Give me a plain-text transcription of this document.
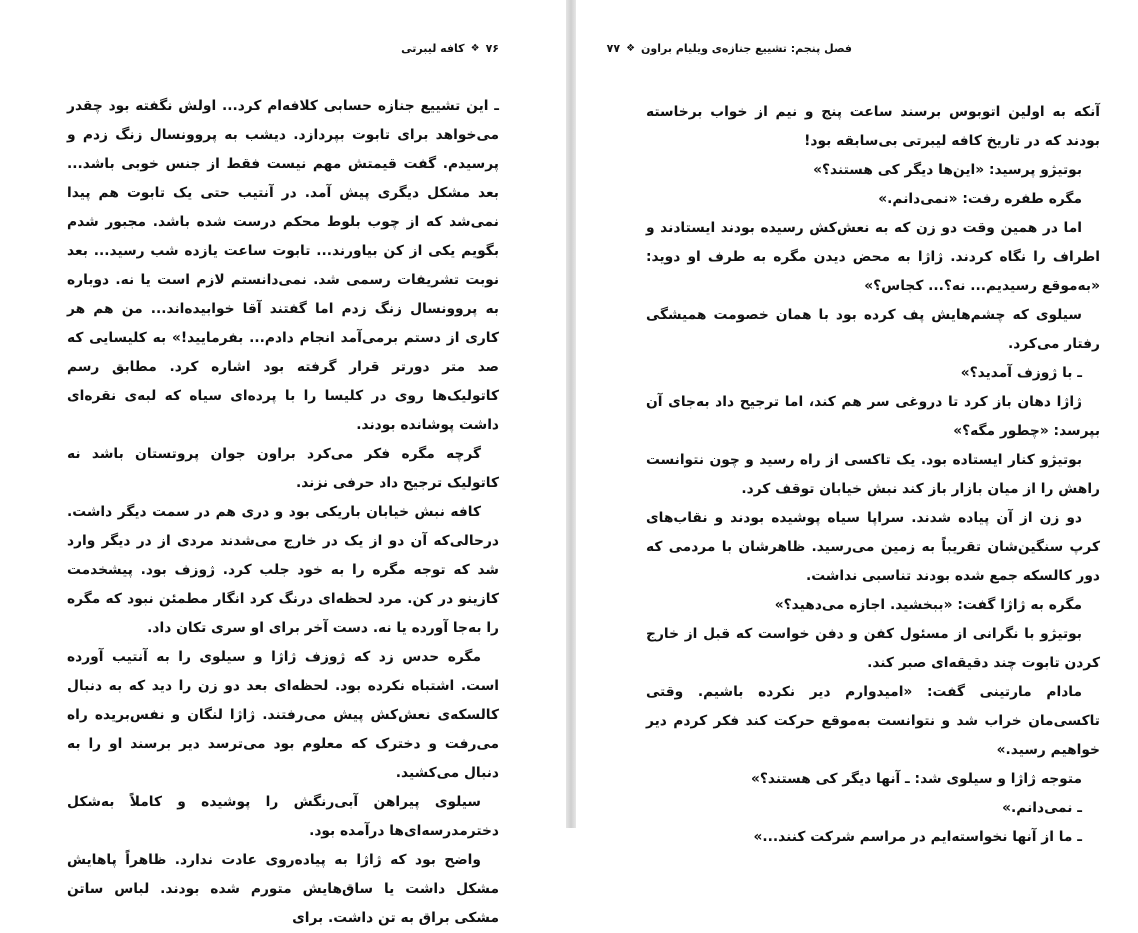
۷۶
❖
کافه لیبرتی

ـ این تشییع جنازه حسابی کلافه‌ام کرد... اولش نگفته بود چقدر می‌خواهد برای تابوت بپردازد. دیشب به پروونسال زنگ زدم و پرسیدم. گفت قیمتش مهم نیست فقط از جنس خوبی باشد... بعد مشکل دیگری پیش آمد. در آنتیب حتی یک تابوت هم پیدا نمی‌شد که از چوب بلوط محکم درست شده باشد. مجبور شدم بگویم یکی از کن بیاورند... تابوت ساعت یازده شب رسید... بعد نوبت تشریفات رسمی شد. نمی‌دانستم لازم است یا نه. دوباره به پروونسال زنگ زدم اما گفتند آقا خوابیده‌اند... من هم هر کاری از دستم برمی‌آمد انجام دادم... بفرمایید!» به کلیسایی که صد متر دورتر قرار گرفته بود اشاره کرد. مطابق رسم کاتولیک‌ها روی در کلیسا را با پرده‌ای سیاه که لبه‌ی نقره‌ای داشت پوشانده بودند.

گرچه مگره فکر می‌کرد براون جوان پروتستان باشد نه کاتولیک ترجیح داد حرفی نزند.

کافه نبش خیابان باریکی بود و دری هم در سمت دیگر داشت. درحالی‌که آن دو از یک در خارج می‌شدند مردی از در دیگر وارد شد که توجه مگره را به خود جلب کرد. ژوزف بود. پیشخدمت کازینو در کن. مرد لحظه‌ای درنگ کرد انگار مطمئن نبود که مگره را به‌جا آورده یا نه. دست آخر برای او سری تکان داد.

مگره حدس زد که ژوزف ژاژا و سیلوی را به آنتیب آورده است. اشتباه نکرده بود. لحظه‌ای بعد دو زن را دید که به دنبال کالسکه‌ی نعش‌کش پیش می‌رفتند. ژاژا لنگان و نفس‌بریده راه می‌رفت و دخترک که معلوم بود می‌ترسد دیر برسند او را به دنبال می‌کشید.

سیلوی پیراهن آبی‌رنگش را پوشیده و کاملاً به‌شکل دخترمدرسه‌ای‌ها درآمده بود.

واضح بود که ژاژا به پیاده‌روی عادت ندارد. ظاهراً پاهایش مشکل داشت یا ساق‌هایش متورم شده بودند. لباس ساتن مشکی براق به تن داشت. برای

فصل پنجم: تشییع جنازه‌ی ویلیام براون
❖
۷۷

آنکه به اولین اتوبوس برسند ساعت پنج و نیم از خواب برخاسته بودند که در تاریخ کافه لیبرتی بی‌سابقه بود!

بوتیژو پرسید: «این‌ها دیگر کی هستند؟»

مگره طفره رفت: «نمی‌دانم.»

اما در همین وقت دو زن که به نعش‌کش رسیده بودند ایستادند و اطراف را نگاه کردند. ژاژا به محض دیدن مگره به طرف او دوید: «به‌موقع رسیدیم... نه؟... کجاس؟»

سیلوی که چشم‌هایش پف کرده بود با همان خصومت همیشگی رفتار می‌کرد.

ـ با ژوزف آمدید؟»

ژاژا دهان باز کرد تا دروغی سر هم کند، اما ترجیح داد به‌جای آن بپرسد: «چطور مگه؟»

بوتیژو کنار ایستاده بود. یک تاکسی از راه رسید و چون نتوانست راهش را از میان بازار باز کند نبش خیابان توقف کرد.

دو زن از آن پیاده شدند. سراپا سیاه پوشیده بودند و نقاب‌های کرپ سنگین‌شان تقریباً به زمین می‌رسید. ظاهرشان با مردمی که دور کالسکه جمع شده بودند تناسبی نداشت.

مگره به ژاژا گفت: «ببخشید. اجازه می‌دهید؟»

بوتیژو با نگرانی از مسئول کفن و دفن خواست که قبل از خارج کردن تابوت چند دقیقه‌ای صبر کند.

مادام مارتینی گفت: «امیدوارم دیر نکرده باشیم. وقتی تاکسی‌مان خراب شد و نتوانست به‌موقع حرکت کند فکر کردم دیر خواهیم رسید.»

متوجه ژاژا و سیلوی شد: ـ آنها دیگر کی هستند؟»

ـ نمی‌دانم.»

ـ ما از آنها نخواسته‌ایم در مراسم شرکت کنند...»
